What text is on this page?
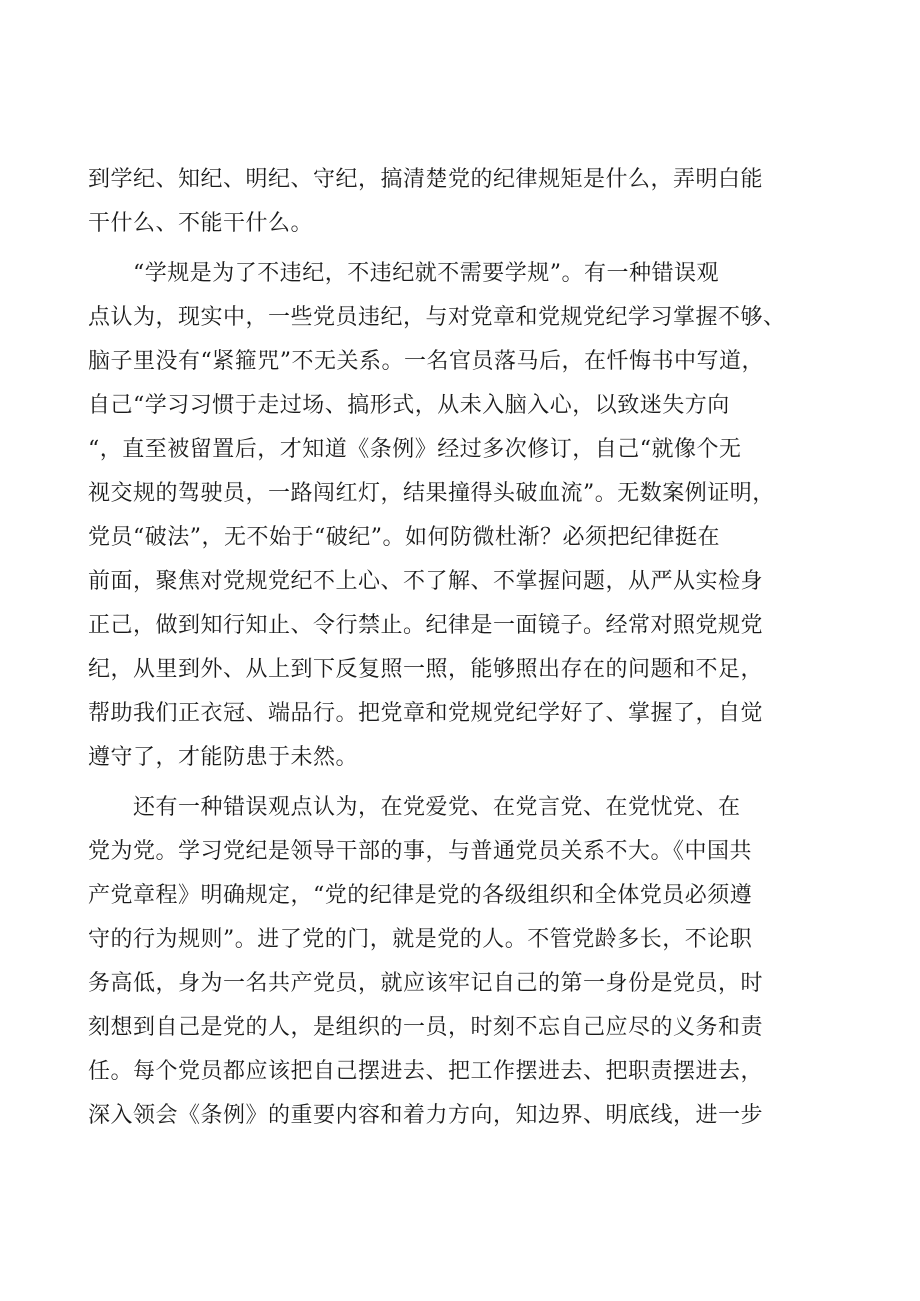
到学纪、知纪、明纪、守纪，搞清楚党的纪律规矩是什么，弄明白能
干什么、不能干什么。
　　“学规是为了不违纪，不违纪就不需要学规”。有一种错误观
点认为，现实中，一些党员违纪，与对党章和党规党纪学习掌握不够、
脑子里没有“紧箍咒”不无关系。一名官员落马后，在忏悔书中写道，
自己“学习习惯于走过场、搞形式，从未入脑入心，以致迷失方向
“，直至被留置后，才知道《条例》经过多次修订，自己“就像个无
视交规的驾驶员，一路闯红灯，结果撞得头破血流”。无数案例证明，
党员“破法”，无不始于“破纪”。如何防微杜渐？必须把纪律挺在
前面，聚焦对党规党纪不上心、不了解、不掌握问题，从严从实检身
正己，做到知行知止、令行禁止。纪律是一面镜子。经常对照党规党
纪，从里到外、从上到下反复照一照，能够照出存在的问题和不足，
帮助我们正衣冠、端品行。把党章和党规党纪学好了、掌握了，自觉
遵守了，才能防患于未然。
　　还有一种错误观点认为，在党爱党、在党言党、在党忧党、在
党为党。学习党纪是领导干部的事，与普通党员关系不大。《中国共
产党章程》明确规定，“党的纪律是党的各级组织和全体党员必须遵
守的行为规则”。进了党的门，就是党的人。不管党龄多长，不论职
务高低，身为一名共产党员，就应该牢记自己的第一身份是党员，时
刻想到自己是党的人，是组织的一员，时刻不忘自己应尽的义务和责
任。每个党员都应该把自己摆进去、把工作摆进去、把职责摆进去，
深入领会《条例》的重要内容和着力方向，知边界、明底线，进一步
